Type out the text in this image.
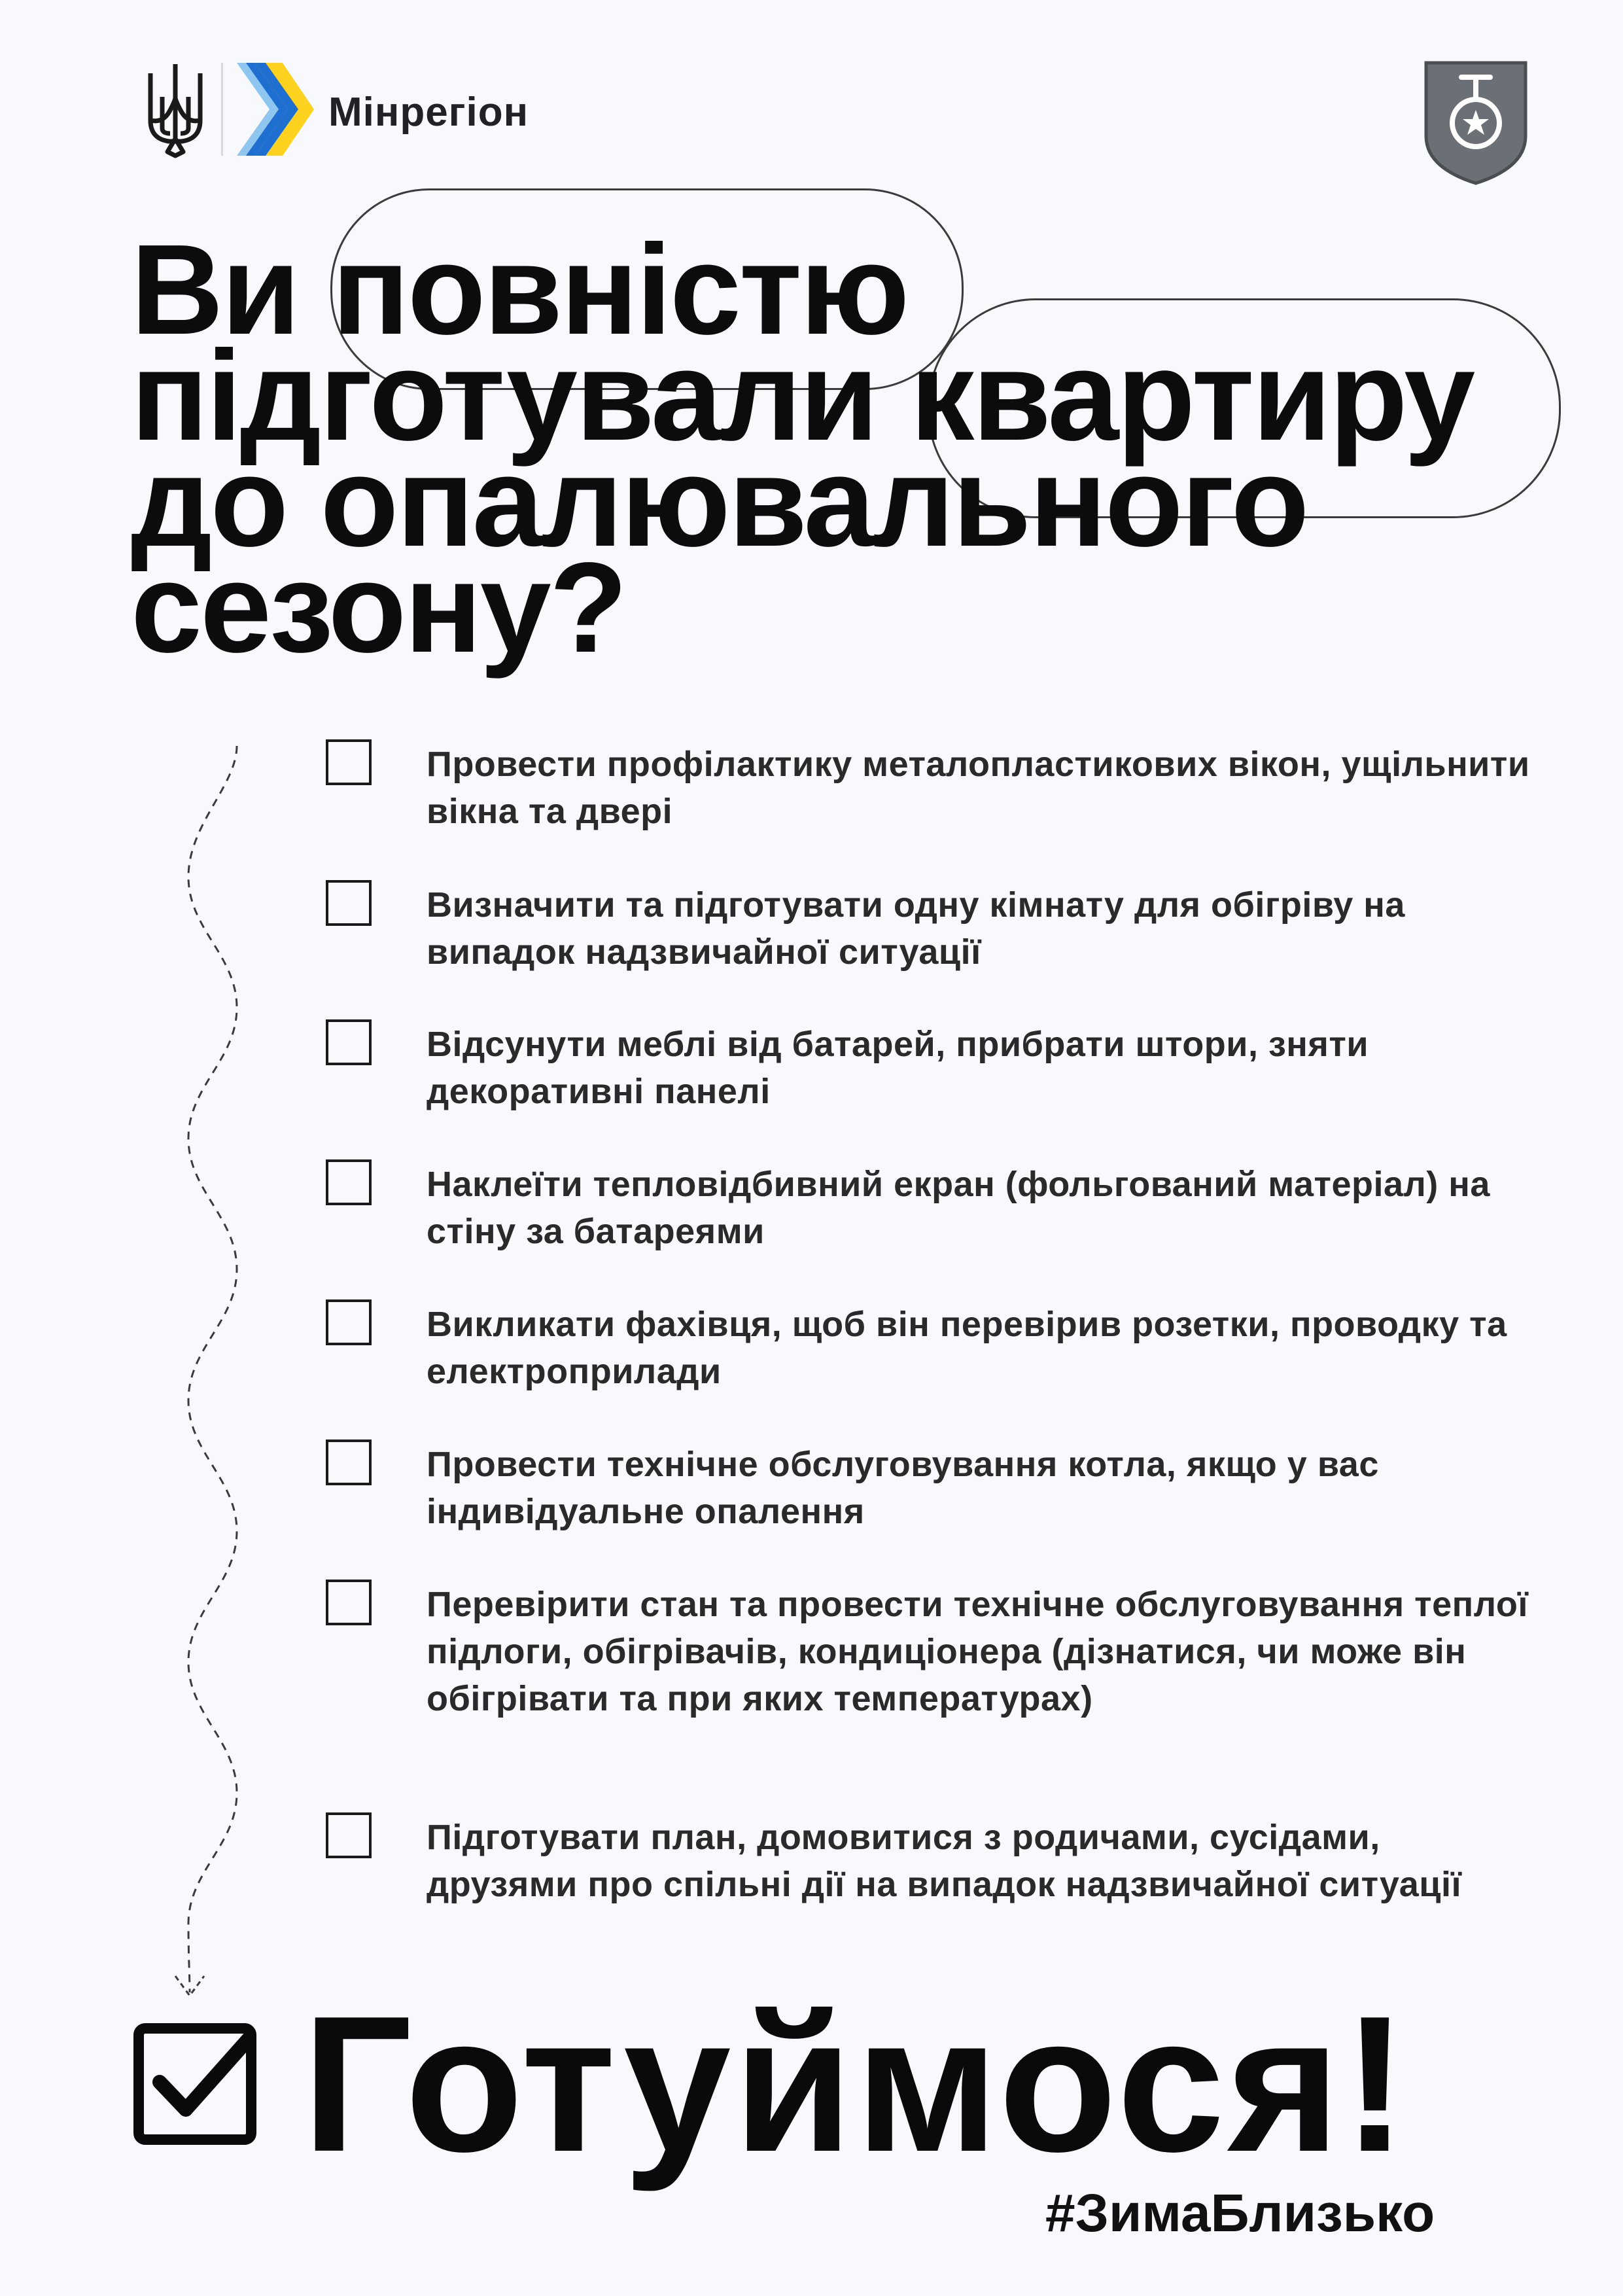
Мінрегіон
Ви повністю
підготували квартиру
до опалювального
сезону?
Провести профілактику металопластикових вікон, ущільнити вікна та двері
Визначити та підготувати одну кімнату для обігріву на випадок надзвичайної ситуації
Відсунути меблі від батарей, прибрати штори, зняти декоративні панелі
Наклеїти тепловідбивний екран (фольгований матеріал) на стіну за батареями
Викликати фахівця, щоб він перевірив розетки, проводку та електроприлади
Провести технічне обслуговування котла, якщо у вас індивідуальне опалення
Перевірити стан та провести технічне обслуговування теплої підлоги, обігрівачів, кондиціонера (дізнатися, чи може він обігрівати та при яких температурах)
Підготувати план, домовитися з родичами, сусідами, друзями про спільні дії на випадок надзвичайної ситуації
Готуймося!
#ЗимаБлизько
